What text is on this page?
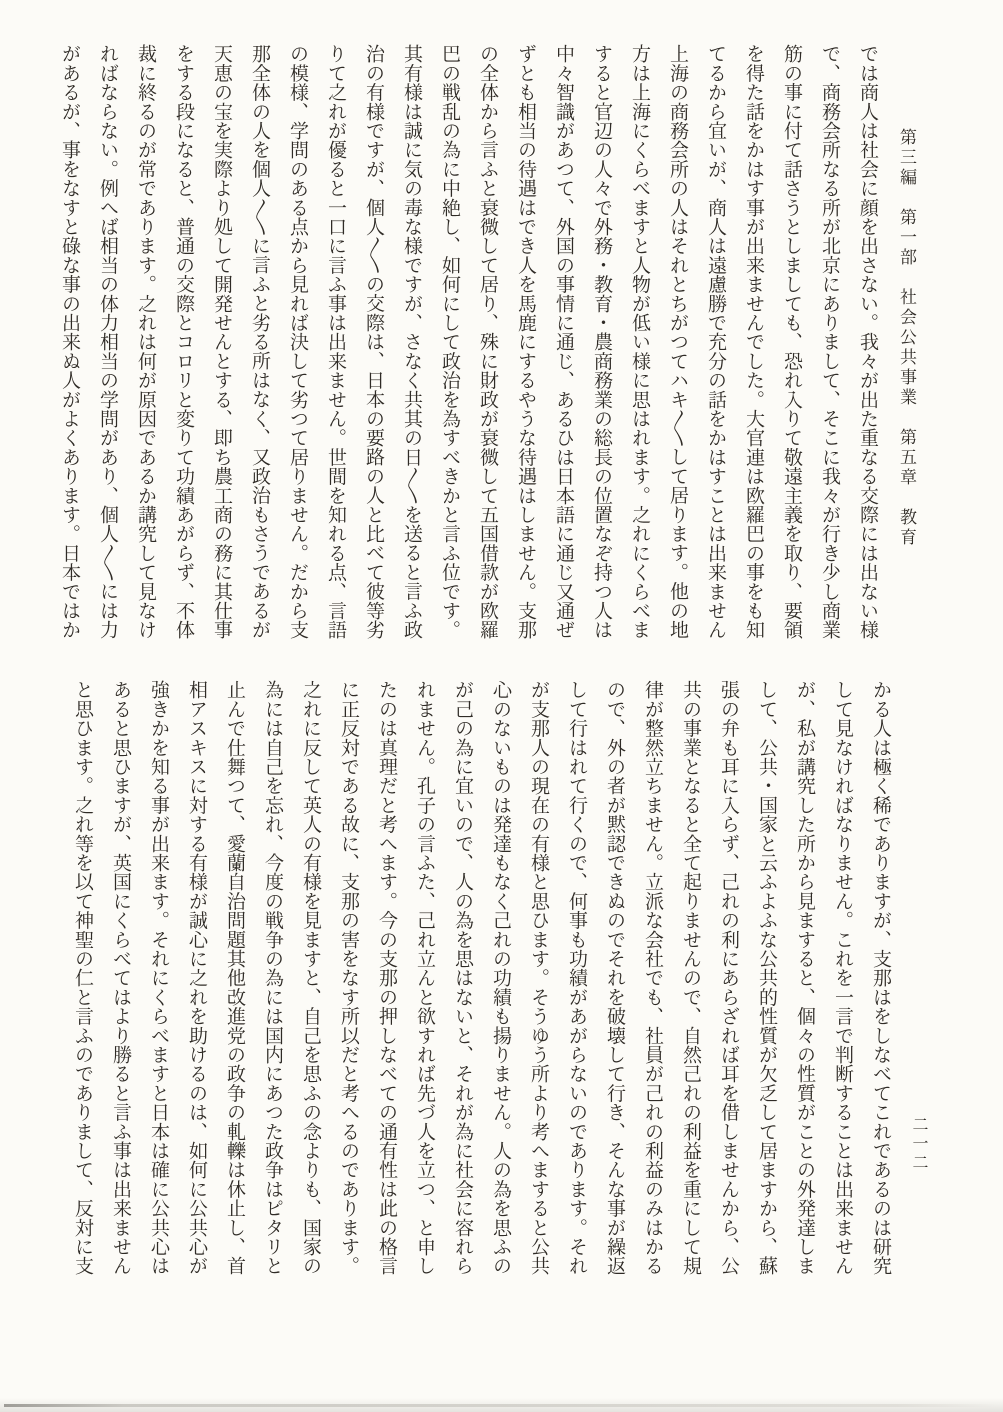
第三編　第一部　社会公共事業　第五章　教育
では商人は社会に顔を出さない。我々が出た重なる交際には出ない様
で、商務会所なる所が北京にありまして、そこに我々が行き少し商業
筋の事に付て話さうとしましても、恐れ入りて敬遠主義を取り、要領
を得た話をかはす事が出来ませんでした。大官連は欧羅巴の事をも知
てるから宜いが、商人は遠慮勝で充分の話をかはすことは出来ません
上海の商務会所の人はそれとちがつてハキ〱して居ります。他の地
方は上海にくらべますと人物が低い様に思はれます。之れにくらべま
すると官辺の人々で外務・教育・農商務業の総長の位置なぞ持つ人は
中々智識があつて、外国の事情に通じ、あるひは日本語に通じ又通ぜ
ずとも相当の待遇はでき人を馬鹿にするやうな待遇はしません。支那
の全体から言ふと衰微して居り、殊に財政が衰微して五国借款が欧羅
巴の戦乱の為に中絶し、如何にして政治を為すべきかと言ふ位です。
其有様は誠に気の毒な様ですが、さなく共其の日〱を送ると言ふ政
治の有様ですが、個人〱の交際は、日本の要路の人と比べて彼等劣
りて之れが優ると一口に言ふ事は出来ません。世間を知れる点、言語
の模様、学問のある点から見れば決して劣つて居りません。だから支
那全体の人を個人〱に言ふと劣る所はなく、又政治もさうであるが
天恵の宝を実際より処して開発せんとする、即ち農工商の務に其仕事
をする段になると、普通の交際とコロリと変りて功績あがらず、不体
裁に終るのが常であります。之れは何が原因であるか講究して見なけ
ればならない。例へば相当の体力相当の学問があり、個人〱には力
があるが、事をなすと碌な事の出来ぬ人がよくあります。日本ではか
二一二
かる人は極く稀でありますが、支那はをしなべてこれであるのは研究
して見なければなりません。これを一言で判断することは出来ません
が、私が講究した所から見ますると、個々の性質がことの外発達しま
して、公共・国家と云ふよふな公共的性質が欠乏して居ますから、蘇
張の弁も耳に入らず、己れの利にあらざれば耳を借しませんから、公
共の事業となると全て起りませんので、自然己れの利益を重にして規
律が整然立ちません。立派な会社でも、社員が己れの利益のみはかる
ので、外の者が黙認できぬのでそれを破壊して行き、そんな事が繰返
して行はれて行くので、何事も功績があがらないのであります。それ
が支那人の現在の有様と思ひます。そうゆう所より考へますると公共
心のないものは発達もなく己れの功績も揚りません。人の為を思ふの
が己の為に宜いので、人の為を思はないと、それが為に社会に容れら
れません。孔子の言ふた、己れ立んと欲すれば先づ人を立つ、と申し
たのは真理だと考へます。今の支那の押しなべての通有性は此の格言
に正反対である故に、支那の害をなす所以だと考へるのであります。
之れに反して英人の有様を見ますと、自己を思ふの念よりも、国家の
為には自己を忘れ、今度の戦争の為には国内にあつた政争はピタリと
止んで仕舞つて、愛蘭自治問題其他改進党の政争の軋轢は休止し、首
相アスキスに対する有様が誠心に之れを助けるのは、如何に公共心が
強きかを知る事が出来ます。それにくらべますと日本は確に公共心は
あると思ひますが、英国にくらべてはより勝ると言ふ事は出来ません
と思ひます。之れ等を以て神聖の仁と言ふのでありまして、反対に支
